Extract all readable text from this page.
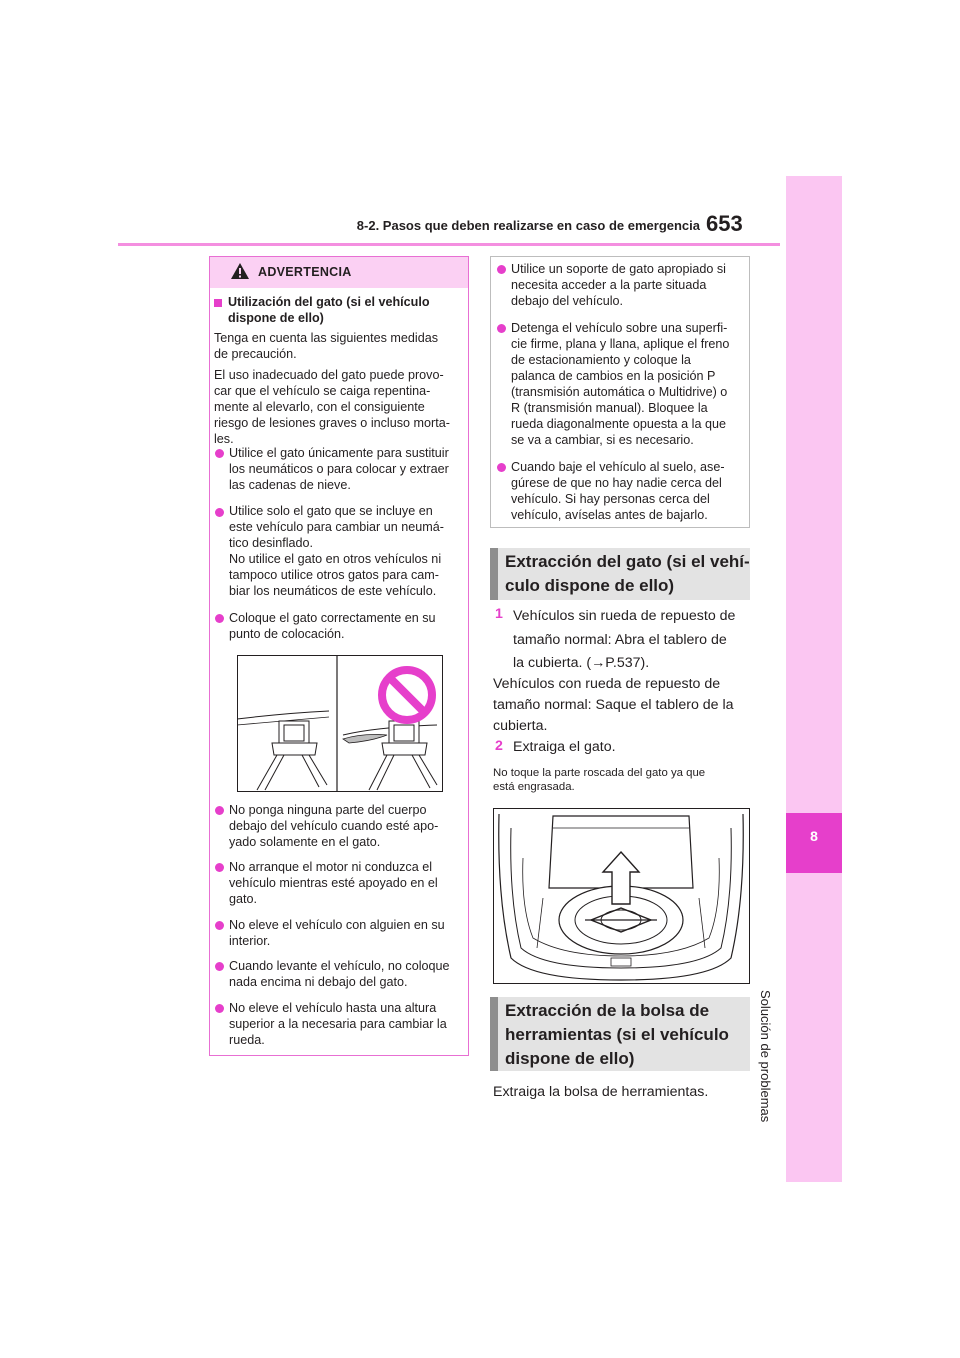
8-2. Pasos que deben realizarse en caso de emergencia 653
8
Solución de problemas
ADVERTENCIA
Utilización del gato (si el vehículo
dispone de ello)
Tenga en cuenta las siguientes medidas
de precaución.
El uso inadecuado del gato puede provo-
car que el vehículo se caiga repentina-
mente al elevarlo, con el consiguiente
riesgo de lesiones graves o incluso morta-
les.
Utilice el gato únicamente para sustituir
los neumáticos o para colocar y extraer
las cadenas de nieve.
Utilice solo el gato que se incluye en
este vehículo para cambiar un neumá-
tico desinflado.
No utilice el gato en otros vehículos ni
tampoco utilice otros gatos para cam-
biar los neumáticos de este vehículo.
Coloque el gato correctamente en su
punto de colocación.
No ponga ninguna parte del cuerpo
debajo del vehículo cuando esté apo-
yado solamente en el gato.
No arranque el motor ni conduzca el
vehículo mientras esté apoyado en el
gato.
No eleve el vehículo con alguien en su
interior.
Cuando levante el vehículo, no coloque
nada encima ni debajo del gato.
No eleve el vehículo hasta una altura
superior a la necesaria para cambiar la
rueda.
Utilice un soporte de gato apropiado si
necesita acceder a la parte situada
debajo del vehículo.
Detenga el vehículo sobre una superfi-
cie firme, plana y llana, aplique el freno
de estacionamiento y coloque la
palanca de cambios en la posición P
(transmisión automática o Multidrive) o
R (transmisión manual). Bloquee la
rueda diagonalmente opuesta a la que
se va a cambiar, si es necesario.
Cuando baje el vehículo al suelo, ase-
gúrese de que no hay nadie cerca del
vehículo. Si hay personas cerca del
vehículo, avíselas antes de bajarlo.
Extracción del gato (si el vehí-
culo dispone de ello)
1 Vehículos sin rueda de repuesto de
tamaño normal: Abra el tablero de
la cubierta. (→P.537).
Vehículos con rueda de repuesto de
tamaño normal: Saque el tablero de la
cubierta.
2 Extraiga el gato.
No toque la parte roscada del gato ya que
está engrasada.
Extracción de la bolsa de
herramientas (si el vehículo
dispone de ello)
Extraiga la bolsa de herramientas.
